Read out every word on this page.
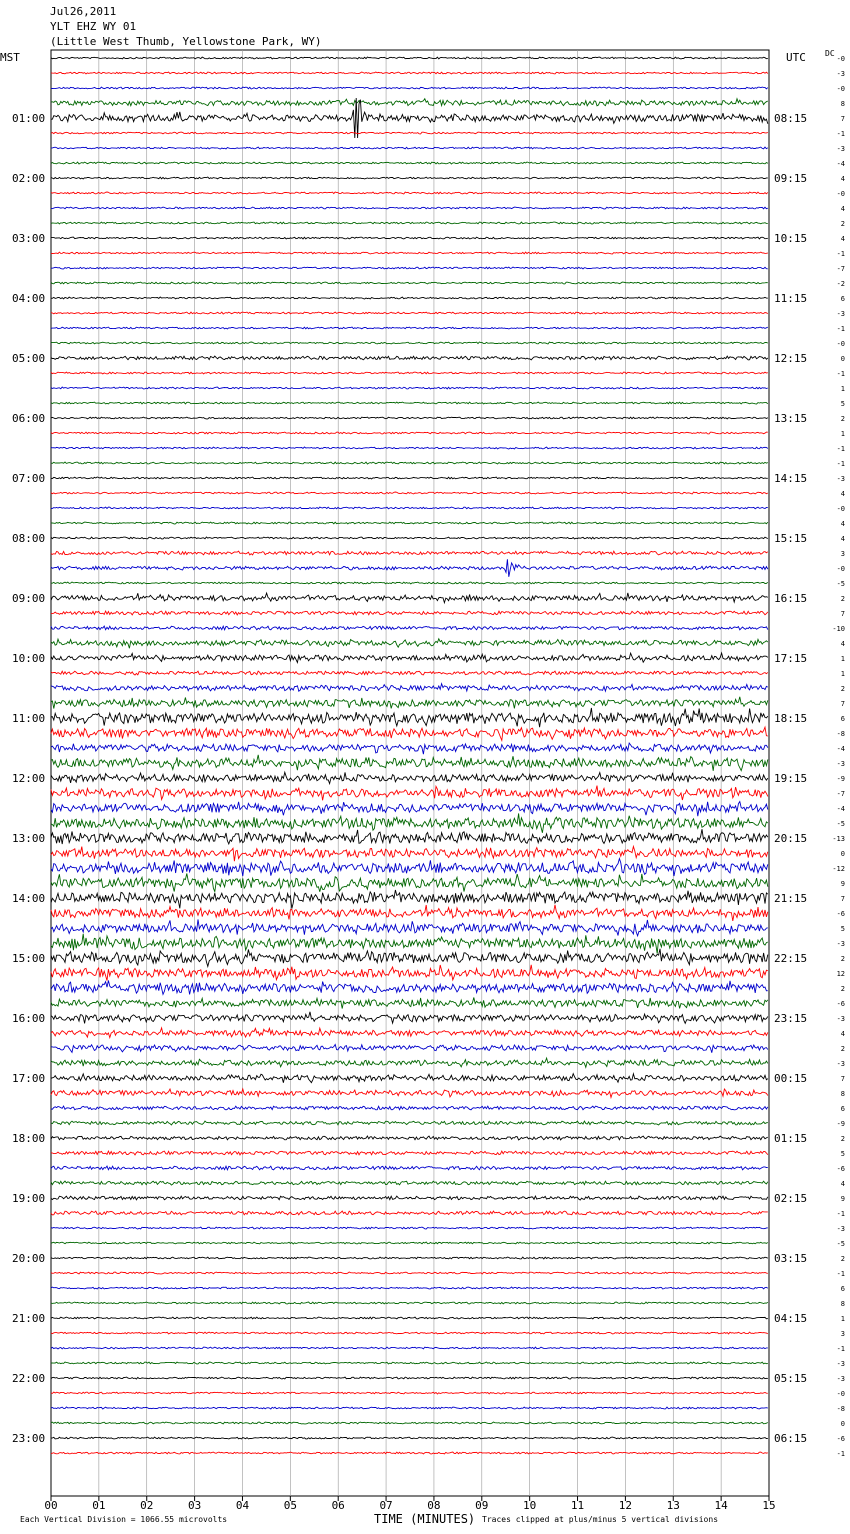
Jul26,2011
YLT EHZ WY 01
(Little West Thumb, Yellowstone Park, WY)
MST	UTC DC
00	01	02	03	04	05	06	07	08	09	10	11	12	13	14	15
01:00	08:15
02:00	09:15
03:00	10:15
04:00	11:15
05:00	12:15
06:00	13:15
07:00	14:15
08:00	15:15
09:00	16:15
10:00	17:15
11:00	18:15
12:00	19:15
13:00	20:15
14:00	21:15
15:00	22:15
16:00	23:15
17:00	00:15
18:00	01:15
19:00	02:15
20:00	03:15
21:00	04:15
22:00	05:15
23:00	06:15
-0
-3
-0
8
7
-1
-3
-4
4
-0
4
2
4
-1
-7
-2
6
-3
-1
-0
0
-1
1
5
2
1
-1
-1
-3
4
-0
4
4
3
-0
-5
2
7
-10
4
1
1
2
7
6
-8
-4
-3
-9
-7
-4
-5
-13
0
-12
9
7
-6
5
-3
2
12
2
-6
-3
4
2
-3
7
8
6
-9
2
5
-6
4
9
-1
-3
-5
2
-1
6
8
1
3
-1
-3
-3
-0
-8
0
-6
-1
Each Vertical Division = 1066.55 microvolts	TIME (MINUTES) Traces clipped at plus/minus 5 vertical divisions
